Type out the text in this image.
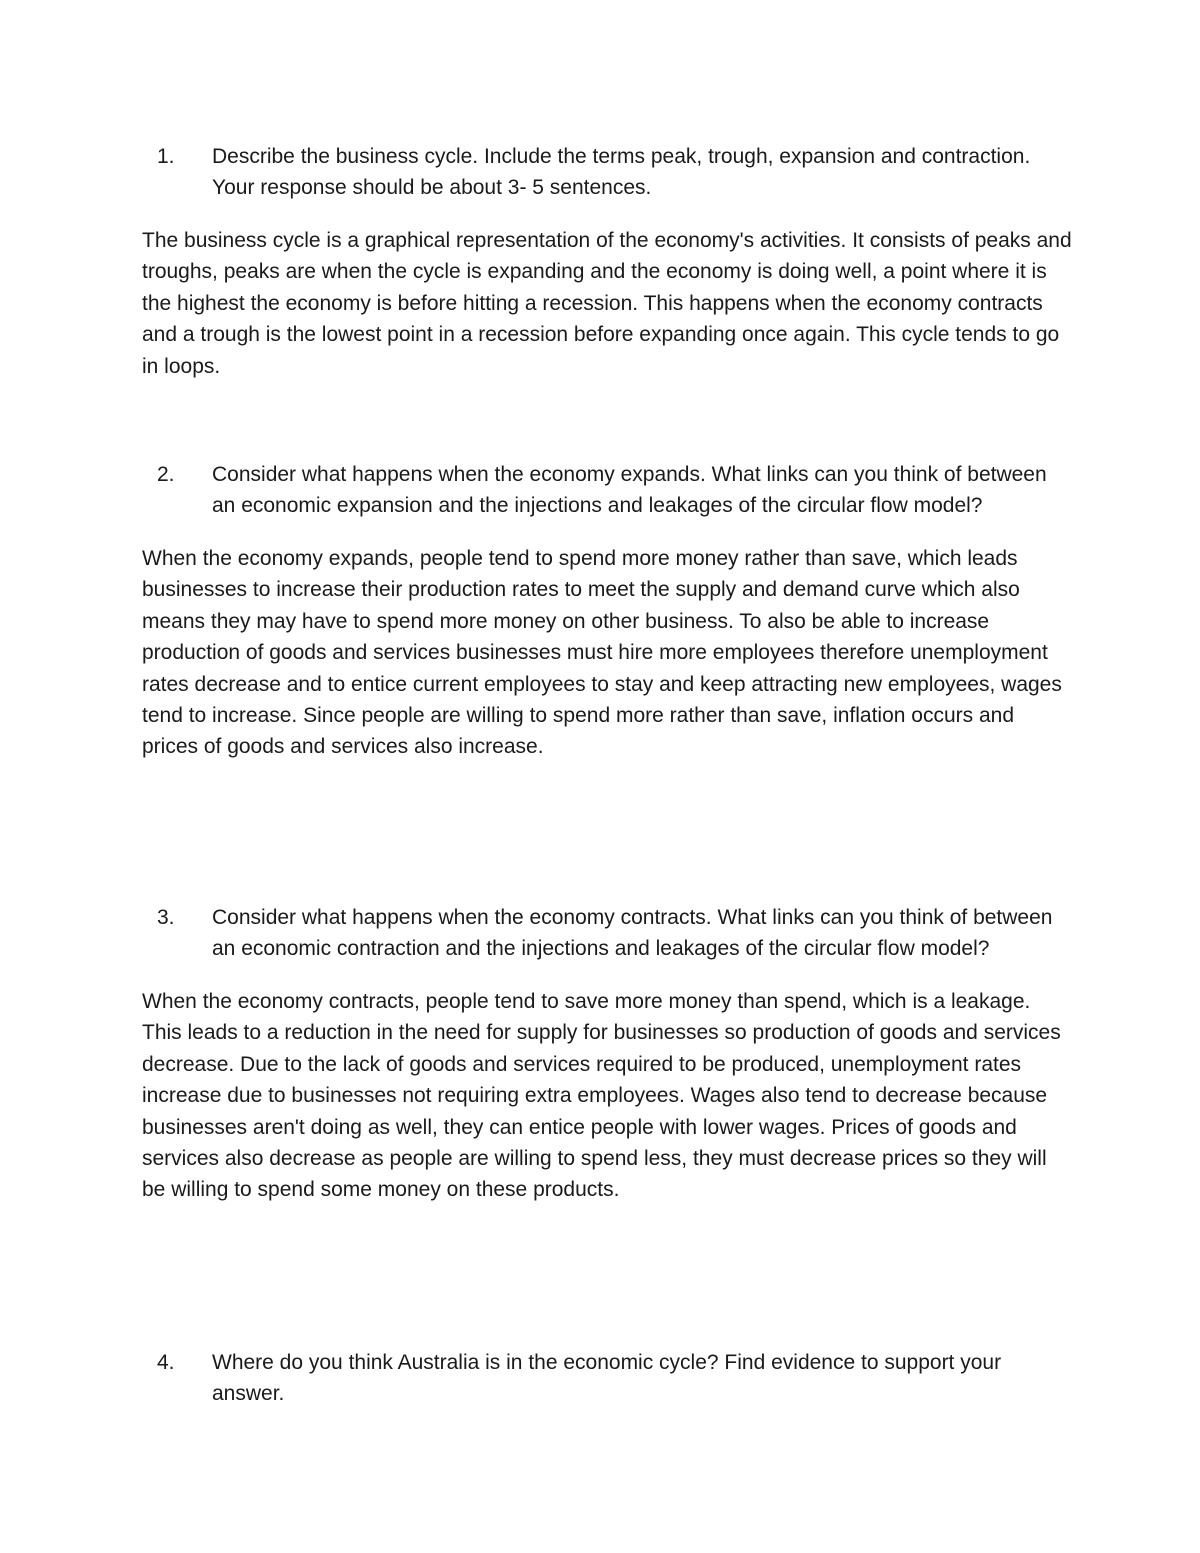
1.	Describe the business cycle. Include the terms peak, trough, expansion and contraction. Your response should be about 3- 5 sentences.

The business cycle is a graphical representation of the economy's activities. It consists of peaks and troughs, peaks are when the cycle is expanding and the economy is doing well, a point where it is the highest the economy is before hitting a recession. This happens when the economy contracts and a trough is the lowest point in a recession before expanding once again. This cycle tends to go in loops.

2.	Consider what happens when the economy expands. What links can you think of between an economic expansion and the injections and leakages of the circular flow model?

When the economy expands, people tend to spend more money rather than save, which leads businesses to increase their production rates to meet the supply and demand curve which also means they may have to spend more money on other business. To also be able to increase production of goods and services businesses must hire more employees therefore unemployment rates decrease and to entice current employees to stay and keep attracting new employees, wages tend to increase. Since people are willing to spend more rather than save, inflation occurs and prices of goods and services also increase.

3.	Consider what happens when the economy contracts. What links can you think of between an economic contraction and the injections and leakages of the circular flow model?

When the economy contracts, people tend to save more money than spend, which is a leakage. This leads to a reduction in the need for supply for businesses so production of goods and services decrease. Due to the lack of goods and services required to be produced, unemployment rates increase due to businesses not requiring extra employees. Wages also tend to decrease because businesses aren't doing as well, they can entice people with lower wages. Prices of goods and services also decrease as people are willing to spend less, they must decrease prices so they will be willing to spend some money on these products.

4.	Where do you think Australia is in the economic cycle? Find evidence to support your answer.
